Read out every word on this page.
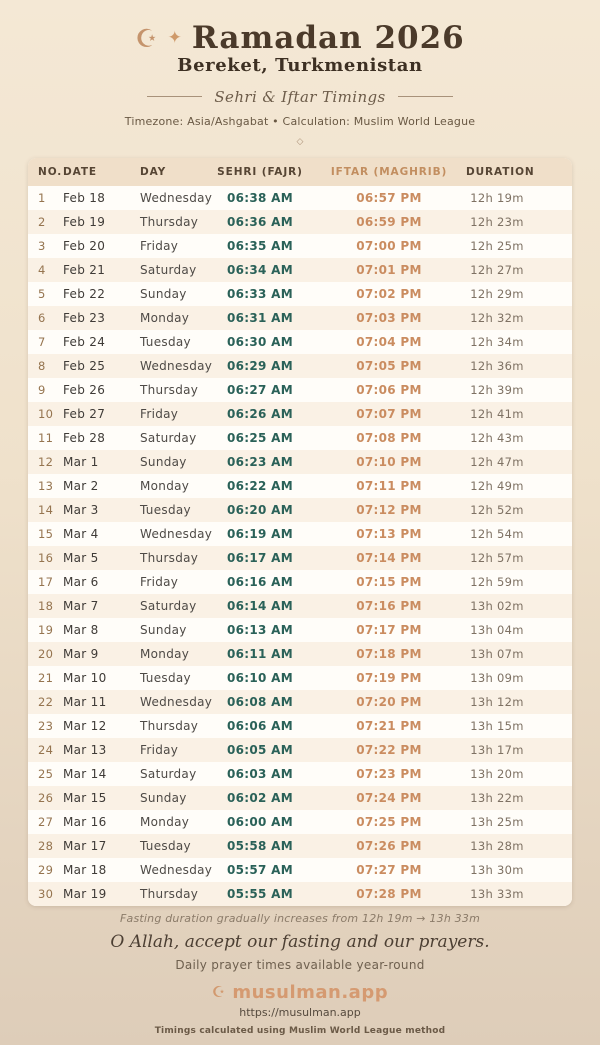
☪ ✦ Ramadan 2026
Bereket, Turkmenistan
Sehri & Iftar Timings
Timezone: Asia/Ashgabat • Calculation: Muslim World League
◇
NO.	DATE	DAY	SEHRI (FAJR)	IFTAR (MAGHRIB)	DURATION
1	Feb 18	Wednesday	06:38 AM	06:57 PM	12h 19m
2	Feb 19	Thursday	06:36 AM	06:59 PM	12h 23m
3	Feb 20	Friday	06:35 AM	07:00 PM	12h 25m
4	Feb 21	Saturday	06:34 AM	07:01 PM	12h 27m
5	Feb 22	Sunday	06:33 AM	07:02 PM	12h 29m
6	Feb 23	Monday	06:31 AM	07:03 PM	12h 32m
7	Feb 24	Tuesday	06:30 AM	07:04 PM	12h 34m
8	Feb 25	Wednesday	06:29 AM	07:05 PM	12h 36m
9	Feb 26	Thursday	06:27 AM	07:06 PM	12h 39m
10	Feb 27	Friday	06:26 AM	07:07 PM	12h 41m
11	Feb 28	Saturday	06:25 AM	07:08 PM	12h 43m
12	Mar 1	Sunday	06:23 AM	07:10 PM	12h 47m
13	Mar 2	Monday	06:22 AM	07:11 PM	12h 49m
14	Mar 3	Tuesday	06:20 AM	07:12 PM	12h 52m
15	Mar 4	Wednesday	06:19 AM	07:13 PM	12h 54m
16	Mar 5	Thursday	06:17 AM	07:14 PM	12h 57m
17	Mar 6	Friday	06:16 AM	07:15 PM	12h 59m
18	Mar 7	Saturday	06:14 AM	07:16 PM	13h 02m
19	Mar 8	Sunday	06:13 AM	07:17 PM	13h 04m
20	Mar 9	Monday	06:11 AM	07:18 PM	13h 07m
21	Mar 10	Tuesday	06:10 AM	07:19 PM	13h 09m
22	Mar 11	Wednesday	06:08 AM	07:20 PM	13h 12m
23	Mar 12	Thursday	06:06 AM	07:21 PM	13h 15m
24	Mar 13	Friday	06:05 AM	07:22 PM	13h 17m
25	Mar 14	Saturday	06:03 AM	07:23 PM	13h 20m
26	Mar 15	Sunday	06:02 AM	07:24 PM	13h 22m
27	Mar 16	Monday	06:00 AM	07:25 PM	13h 25m
28	Mar 17	Tuesday	05:58 AM	07:26 PM	13h 28m
29	Mar 18	Wednesday	05:57 AM	07:27 PM	13h 30m
30	Mar 19	Thursday	05:55 AM	07:28 PM	13h 33m
Fasting duration gradually increases from 12h 19m → 13h 33m
O Allah, accept our fasting and our prayers.
Daily prayer times available year-round
☪ musulman.app
https://musulman.app
Timings calculated using Muslim World League method
